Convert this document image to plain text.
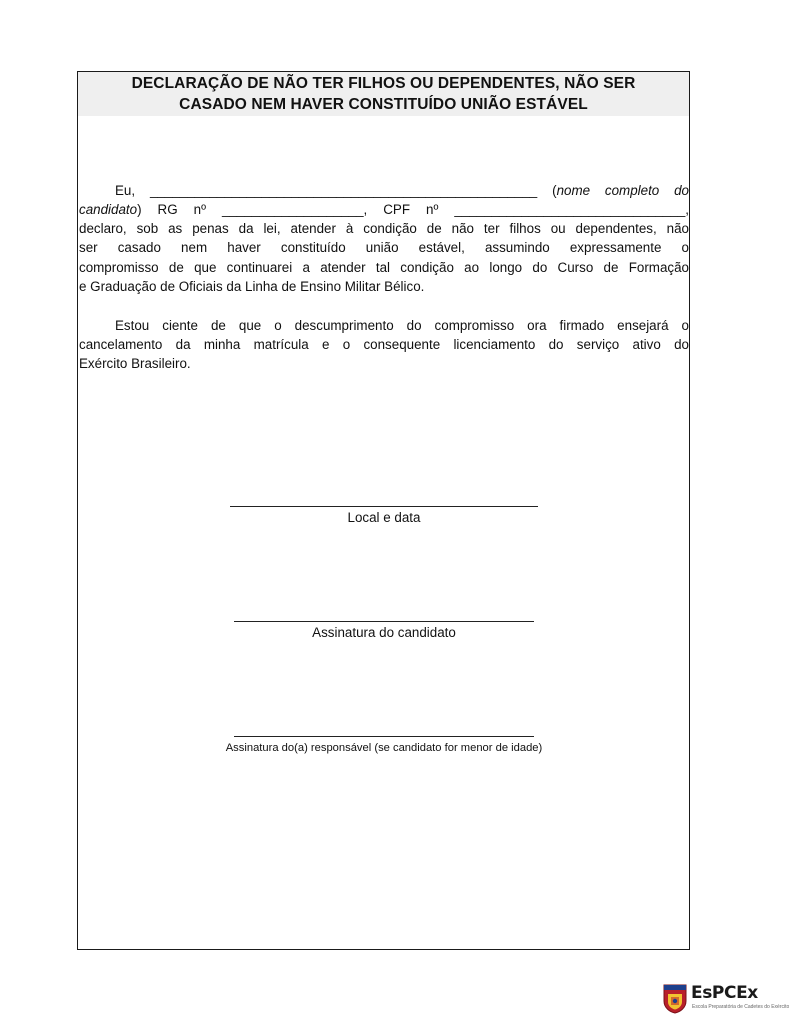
DECLARAÇÃO DE NÃO TER FILHOS OU DEPENDENTES, NÃO SER
CASADO NEM HAVER CONSTITUÍDO UNIÃO ESTÁVEL
Eu, ____________________________________________________ (nome completo do
candidato) RG nº ___________________, CPF nº _______________________________,
declaro, sob as penas da lei, atender à condição de não ter filhos ou dependentes, não
ser casado nem haver constituído união estável, assumindo expressamente o
compromisso de que continuarei a atender tal condição ao longo do Curso de Formação
e Graduação de Oficiais da Linha de Ensino Militar Bélico.
Estou ciente de que o descumprimento do compromisso ora firmado ensejará o
cancelamento da minha matrícula e o consequente licenciamento do serviço ativo do
Exército Brasileiro.
Local e data
Assinatura do candidato
Assinatura do(a) responsável (se candidato for menor de idade)
EsPCEx
Escola Preparatória de Cadetes do Exército
